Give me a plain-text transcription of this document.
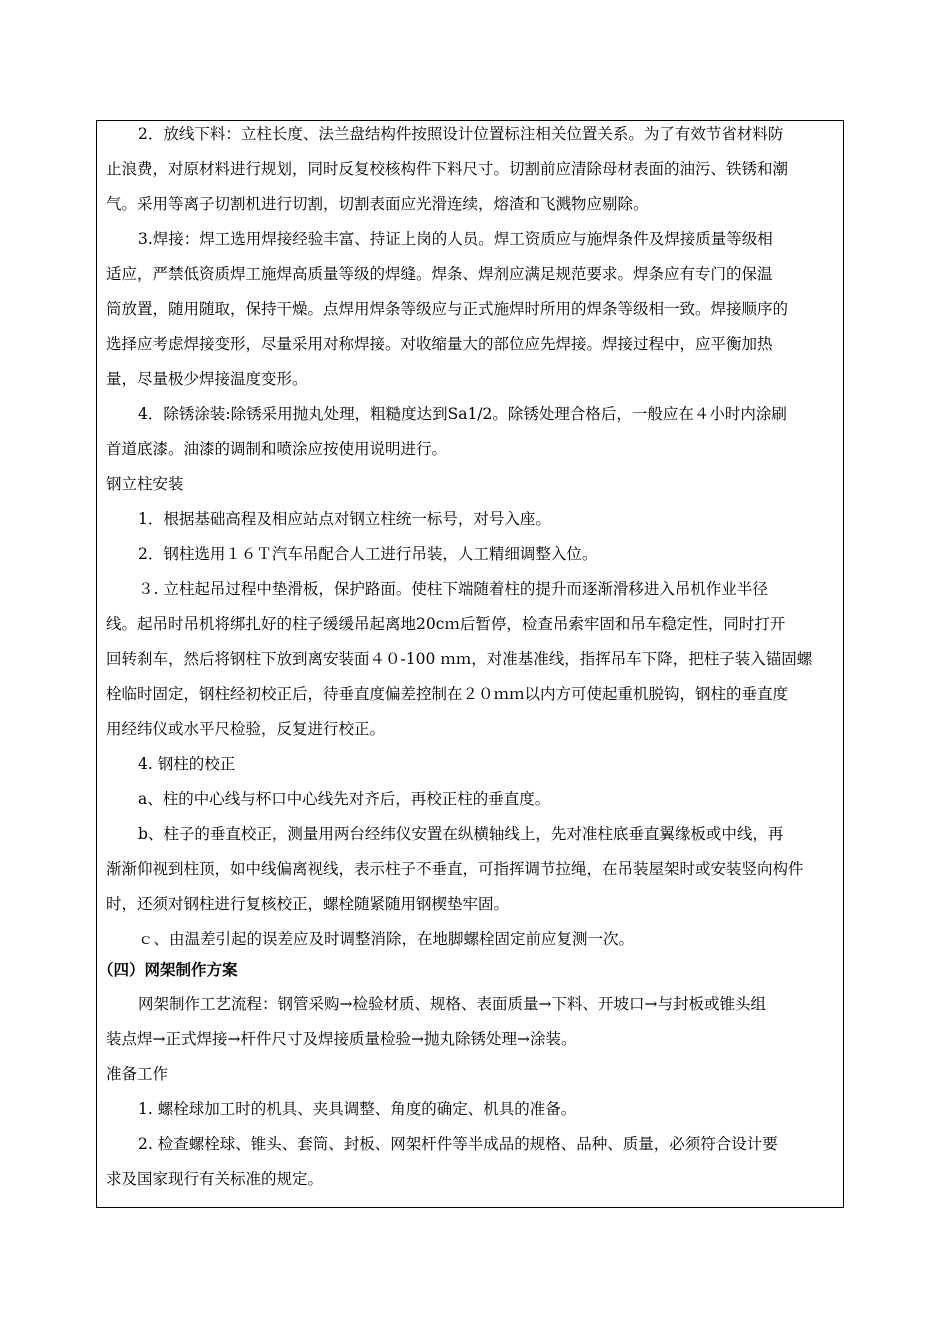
2．放线下料：立柱长度、法兰盘结构件按照设计位置标注相关位置关系。为了有效节省材料防
止浪费，对原材料进行规划，同时反复校核构件下料尺寸。切割前应清除母材表面的油污、铁锈和潮
气。采用等离子切割机进行切割，切割表面应光滑连续，熔渣和飞溅物应剔除。
3.焊接：焊工选用焊接经验丰富、持证上岗的人员。焊工资质应与施焊条件及焊接质量等级相
适应，严禁低资质焊工施焊高质量等级的焊缝。焊条、焊剂应满足规范要求。焊条应有专门的保温
筒放置，随用随取，保持干燥。点焊用焊条等级应与正式施焊时所用的焊条等级相一致。焊接顺序的
选择应考虑焊接变形，尽量采用对称焊接。对收缩量大的部位应先焊接。焊接过程中，应平衡加热
量，尽量极少焊接温度变形。
4．除锈涂装:除锈采用抛丸处理，粗糙度达到Sa1/2。除锈处理合格后，一般应在４小时内涂刷
首道底漆。油漆的调制和喷涂应按使用说明进行。
钢立柱安装
1．根据基础高程及相应站点对钢立柱统一标号，对号入座。
2．钢柱选用１６Ｔ汽车吊配合人工进行吊装，人工精细调整入位。
３. 立柱起吊过程中垫滑板，保护路面。使柱下端随着柱的提升而逐渐滑移进入吊机作业半径
线。起吊时吊机将绑扎好的柱子缓缓吊起离地20cｍ后暂停，检查吊索牢固和吊车稳定性，同时打开
回转刹车，然后将钢柱下放到离安装面４０-100 ｍｍ，对准基准线，指挥吊车下降，把柱子装入锚固螺
栓临时固定，钢柱经初校正后，待垂直度偏差控制在２０ｍｍ以内方可使起重机脱钩，钢柱的垂直度
用经纬仪或水平尺检验，反复进行校正。
4. 钢柱的校正
a、柱的中心线与杯口中心线先对齐后，再校正柱的垂直度。
b、柱子的垂直校正，测量用两台经纬仪安置在纵横轴线上，先对准柱底垂直翼缘板或中线，再
渐渐仰视到柱顶，如中线偏离视线，表示柱子不垂直，可指挥调节拉绳，在吊装屋架时或安装竖向构件
时，还须对钢柱进行复核校正，螺栓随紧随用钢楔垫牢固。
ｃ、由温差引起的误差应及时调整消除，在地脚螺栓固定前应复测一次。
（四）网架制作方案
网架制作工艺流程：钢管采购→检验材质、规格、表面质量→下料、开坡口→与封板或锥头组
装点焊→正式焊接→杆件尺寸及焊接质量检验→抛丸除锈处理→涂装。
准备工作
1. 螺栓球加工时的机具、夹具调整、角度的确定、机具的准备。
2. 检查螺栓球、锥头、套筒、封板、网架杆件等半成品的规格、品种、质量，必须符合设计要
求及国家现行有关标准的规定。
